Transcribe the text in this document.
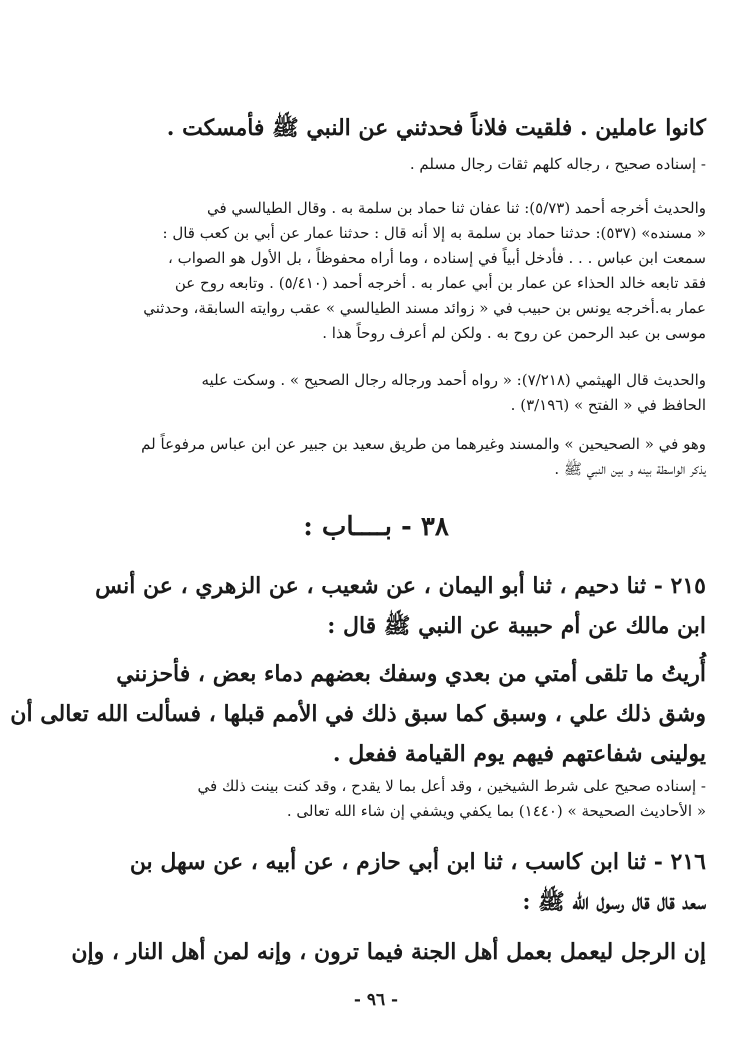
كانوا عاملين . فلقيت فلاناً فحدثني عن النبي ﷺ فأمسكت .
- إسناده صحيح ، رجاله كلهم ثقات رجال مسلم .
والحديث أخرجه أحمد (٥/٧٣): ثنا عفان ثنا حماد بن سلمة به . وقال الطيالسي في
« مسنده» (٥٣٧): حدثنا حماد بن سلمة به إلا أنه قال : حدثنا عمار عن أبي بن كعب قال :
سمعت ابن عباس . . . فأدخل أبياً في إسناده ، وما أراه محفوظاً ، بل الأول هو الصواب ،
فقد تابعه خالد الحذاء عن عمار بن أبي عمار به . أخرجه أحمد (٥/٤١٠) . وتابعه روح عن
عمار به.أخرجه يونس بن حبيب في « زوائد مسند الطيالسي » عقب روايته السابقة، وحدثني
موسى بن عبد الرحمن عن روح به . ولكن لم أعرف روحاً هذا .
والحديث قال الهيثمي (٧/٢١٨): « رواه أحمد ورجاله رجال الصحيح » . وسكت عليه
الحافظ في « الفتح » (٣/١٩٦) .
وهو في « الصحيحين » والمسند وغيرهما من طريق سعيد بن جبير عن ابن عباس مرفوعاً لم
يذكر الواسطة بينه و بين النبي ﷺ .
٣٨ - بــــاب :
٢١٥ - ثنا دحيم ، ثنا أبو اليمان ، عن شعيب ، عن الزهري ، عن أنس
ابن مالك عن أم حبيبة عن النبي ﷺ قال :
أُريتُ ما تلقى أمتي من بعدي وسفك بعضهم دماء بعض ، فأحزنني
وشق ذلك علي ، وسبق كما سبق ذلك في الأمم قبلها ، فسألت الله تعالى أن
يولينى شفاعتهم فيهم يوم القيامة ففعل .
- إسناده صحيح على شرط الشيخين ، وقد أعل بما لا يقدح ، وقد كنت بينت ذلك في
« الأحاديث الصحيحة » (١٤٤٠) بما يكفي ويشفي إن شاء الله تعالى .
٢١٦ - ثنا ابن كاسب ، ثنا ابن أبي حازم ، عن أبيه ، عن سهل بن
سعد قال قال رسول الله ﷺ :
إن الرجل ليعمل بعمل أهل الجنة فيما ترون ، وإنه لمن أهل النار ، وإن
- ٩٦ -
